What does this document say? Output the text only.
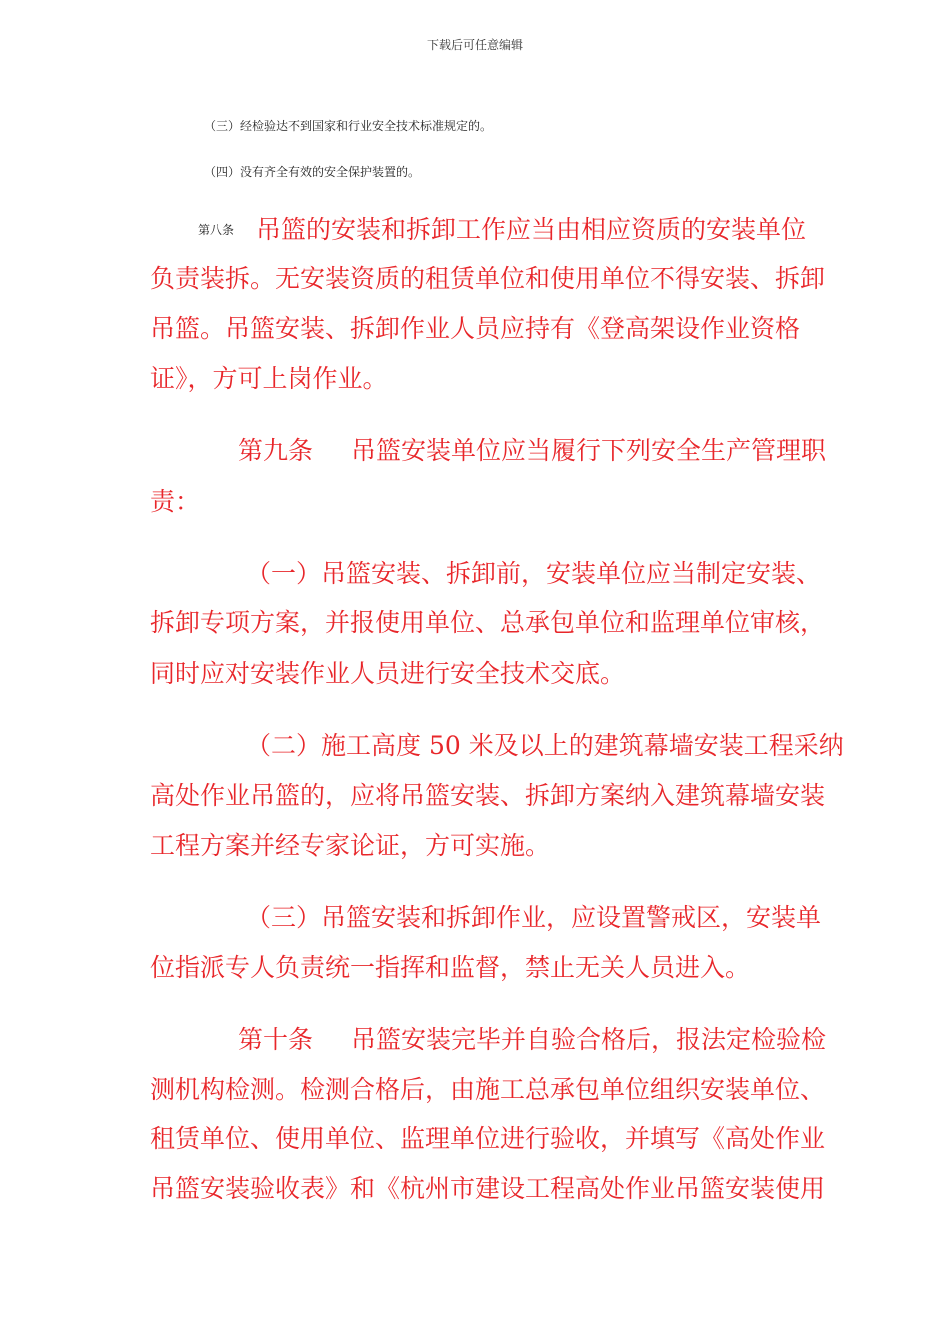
下载后可任意编辑
（三）经检验达不到国家和行业安全技术标准规定的。
（四）没有齐全有效的安全保护装置的。
第八条 吊篮的安装和拆卸工作应当由相应资质的安装单位
负责装拆。无安装资质的租赁单位和使用单位不得安装、拆卸
吊篮。吊篮安装、拆卸作业人员应持有《登高架设作业资格
证》，方可上岗作业。
第九条 吊篮安装单位应当履行下列安全生产管理职
责：
（一）吊篮安装、拆卸前，安装单位应当制定安装、
拆卸专项方案，并报使用单位、总承包单位和监理单位审核，
同时应对安装作业人员进行安全技术交底。
（二）施工高度 50 米及以上的建筑幕墙安装工程采纳
高处作业吊篮的，应将吊篮安装、拆卸方案纳入建筑幕墙安装
工程方案并经专家论证，方可实施。
（三）吊篮安装和拆卸作业，应设置警戒区，安装单
位指派专人负责统一指挥和监督，禁止无关人员进入。
第十条 吊篮安装完毕并自验合格后，报法定检验检
测机构检测。检测合格后，由施工总承包单位组织安装单位、
租赁单位、使用单位、监理单位进行验收，并填写《高处作业
吊篮安装验收表》和《杭州市建设工程高处作业吊篮安装使用
